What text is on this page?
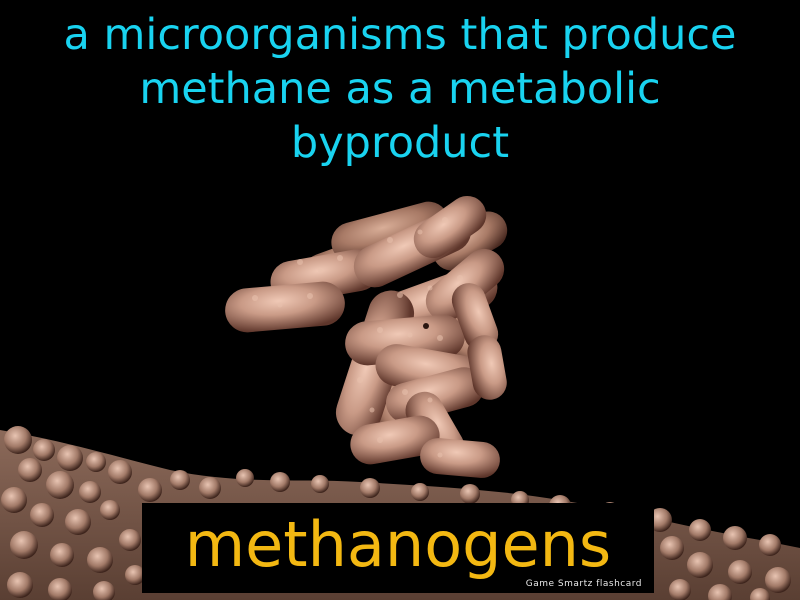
a microorganisms that produce methane as a metabolic byproduct
methanogens
Game Smartz flashcard
